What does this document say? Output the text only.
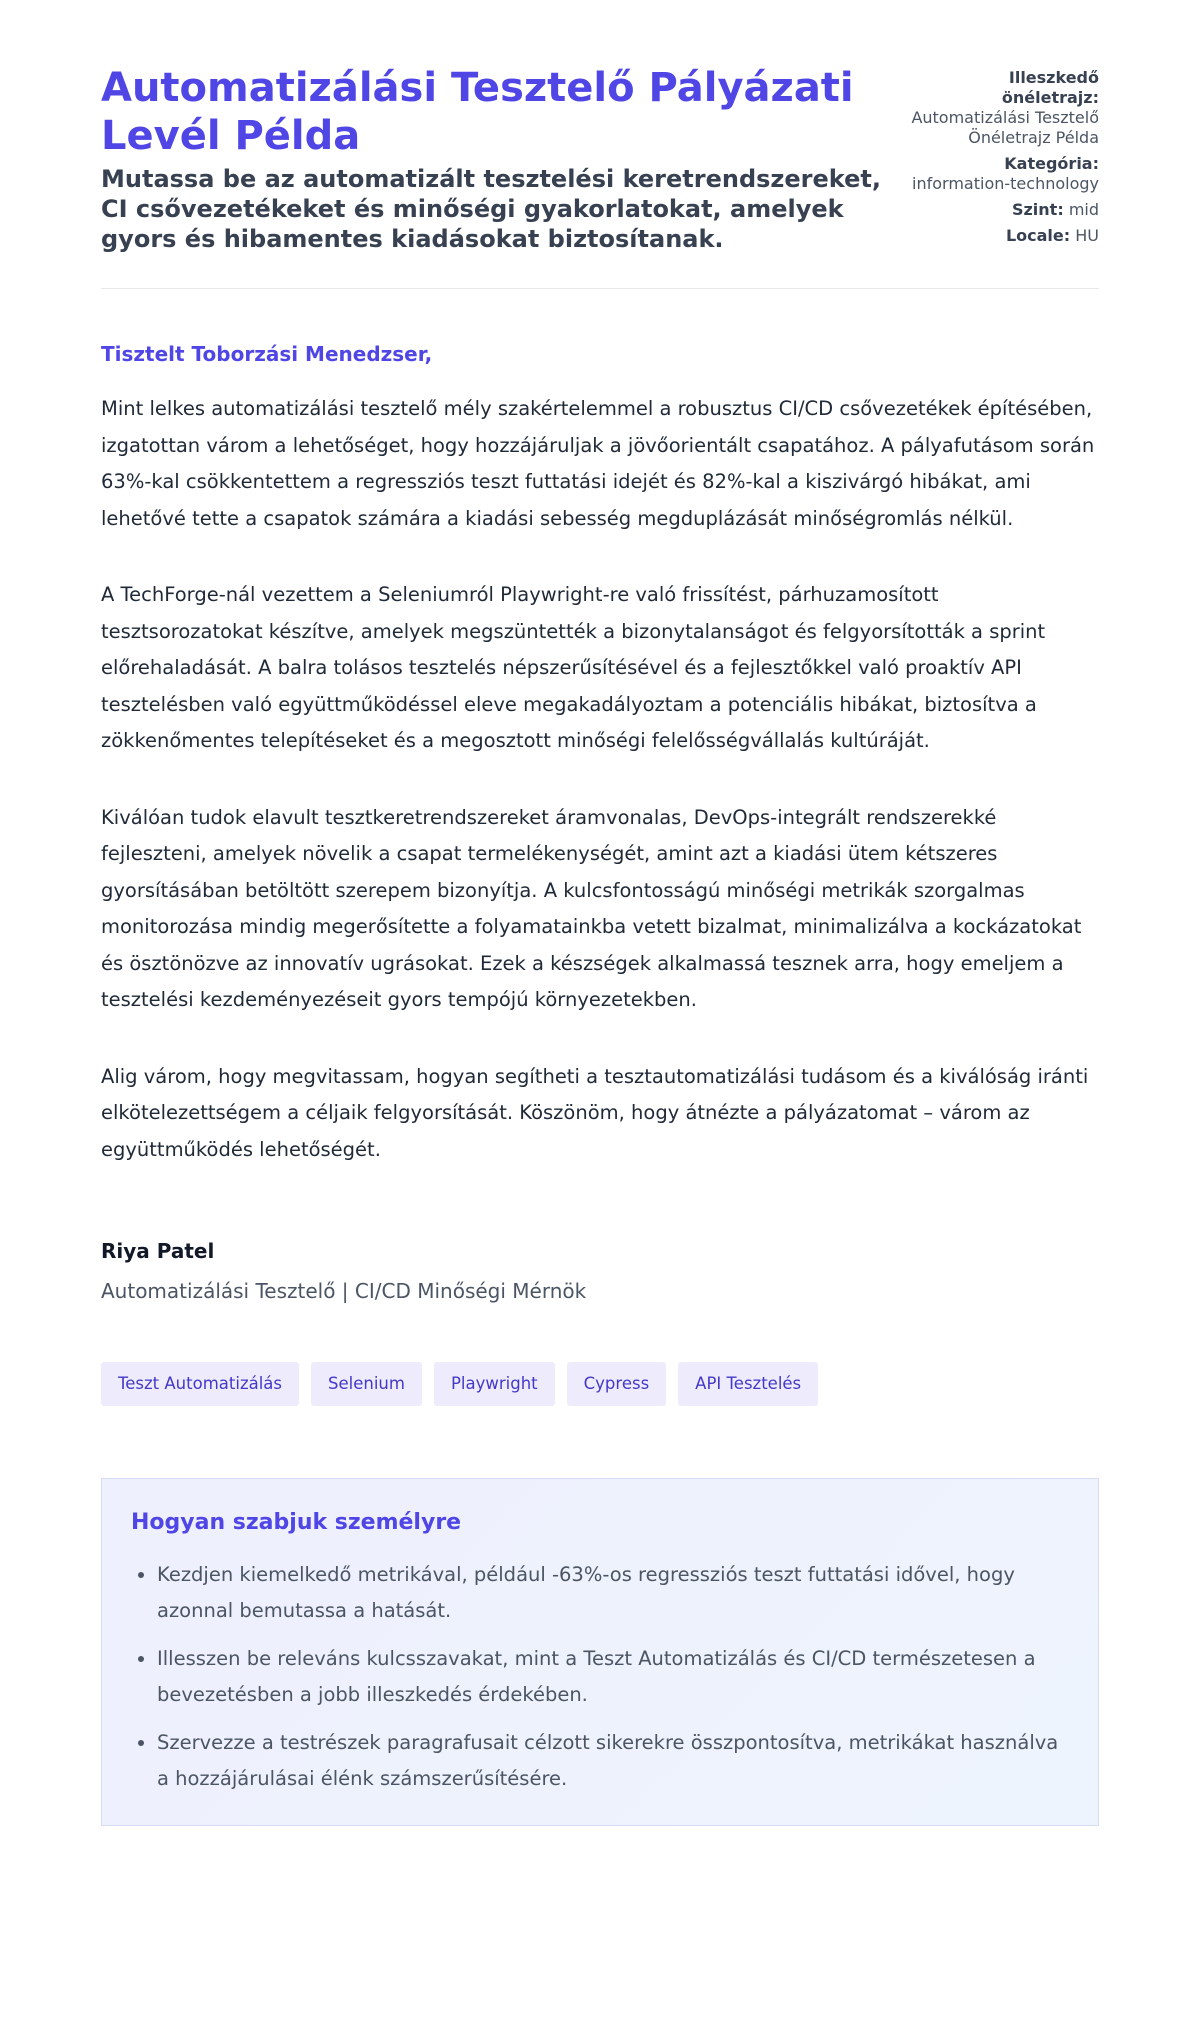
Automatizálási Tesztelő Pályázati Levél Példa
Mutassa be az automatizált tesztelési keretrendszereket, CI csővezetékeket és minőségi gyakorlatokat, amelyek gyors és hibamentes kiadásokat biztosítanak.
Illeszkedő önéletrajz:
Automatizálási Tesztelő Önéletrajz Példa
Kategória:
information-technology
Szint: mid
Locale: HU

Tisztelt Toborzási Menedzser,

Mint lelkes automatizálási tesztelő mély szakértelemmel a robusztus CI/CD csővezetékek építésében, izgatottan várom a lehetőséget, hogy hozzájáruljak a jövőorientált csapatához. A pályafutásom során 63%-kal csökkentettem a regressziós teszt futtatási idejét és 82%-kal a kiszivárgó hibákat, ami lehetővé tette a csapatok számára a kiadási sebesség megduplázását minőségromlás nélkül.

A TechForge-nál vezettem a Seleniumról Playwright-re való frissítést, párhuzamosított tesztsorozatokat készítve, amelyek megszüntették a bizonytalanságot és felgyorsították a sprint előrehaladását. A balra tolásos tesztelés népszerűsítésével és a fejlesztőkkel való proaktív API tesztelésben való együttműködéssel eleve megakadályoztam a potenciális hibákat, biztosítva a zökkenőmentes telepítéseket és a megosztott minőségi felelősségvállalás kultúráját.

Kiválóan tudok elavult tesztkeretrendszereket áramvonalas, DevOps-integrált rendszerekké fejleszteni, amelyek növelik a csapat termelékenységét, amint azt a kiadási ütem kétszeres gyorsításában betöltött szerepem bizonyítja. A kulcsfontosságú minőségi metrikák szorgalmas monitorozása mindig megerősítette a folyamatainkba vetett bizalmat, minimalizálva a kockázatokat és ösztönözve az innovatív ugrásokat. Ezek a készségek alkalmassá tesznek arra, hogy emeljem a tesztelési kezdeményezéseit gyors tempójú környezetekben.

Alig várom, hogy megvitassam, hogyan segítheti a tesztautomatizálási tudásom és a kiválóság iránti elkötelezettségem a céljaik felgyorsítását. Köszönöm, hogy átnézte a pályázatomat – várom az együttműködés lehetőségét.

Riya Patel
Automatizálási Tesztelő | CI/CD Minőségi Mérnök
Teszt Automatizálás	Selenium	Playwright	Cypress	API Tesztelés
Hogyan szabjuk személyre
• Kezdjen kiemelkedő metrikával, például -63%-os regressziós teszt futtatási idővel, hogy azonnal bemutassa a hatását.
• Illesszen be releváns kulcsszavakat, mint a Teszt Automatizálás és CI/CD természetesen a bevezetésben a jobb illeszkedés érdekében.
• Szervezze a testrészek paragrafusait célzott sikerekre összpontosítva, metrikákat használva a hozzájárulásai élénk számszerűsítésére.
